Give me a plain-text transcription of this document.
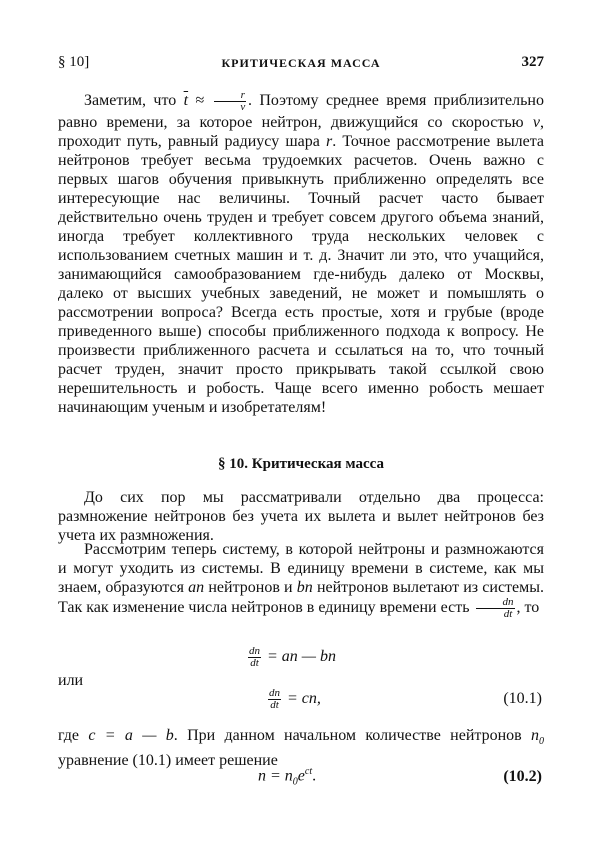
§ 10]	КРИТИЧЕСКАЯ МАССА	327

Заметим, что $\overline{t} \approx \frac{r}{v}$ . Поэтому среднее время приблизительно равно времени, за которое нейтрон, движущийся со скоростью v, проходит путь, равный радиусу шара r. Точное рассмотрение вылета нейтронов требует весьма трудоемких расчетов. Очень важно с первых шагов обучения привыкнуть приближенно определять все интересующие нас величины. Точный расчет часто бывает действительно очень труден и требует совсем другого объема знаний, иногда требует коллективного труда нескольких человек с использованием счетных машин и т. д. Значит ли это, что учащийся, занимающийся самообразованием где-нибудь далеко от Москвы, далеко от высших учебных заведений, не может и помышлять о рассмотрении вопроса? Всегда есть простые, хотя и грубые (вроде приведенного выше) способы приближенного подхода к вопросу. Не произвести приближенного расчета и ссылаться на то, что точный расчет труден, значит просто прикрывать такой ссылкой свою нерешительность и робость. Чаще всего именно робость мешает начинающим ученым и изобретателям!

§ 10. Критическая масса

До сих пор мы рассматривали отдельно два процесса: размножение нейтронов без учета их вылета и вылет нейтронов без учета их размножения.

Рассмотрим теперь систему, в которой нейтроны и размножаются и могут уходить из системы. В единицу времени в системе, как мы знаем, образуются an нейтронов и bn нейтронов вылетают из системы. Так как изменение числа нейтронов в единицу времени есть $\frac{dn}{dt}$ , то

$\frac{dn}{dt}$ = an — bn
или
$\frac{dn}{dt}$ = cn,	(10.1)

где c = a — b. При данном начальном количестве нейтронов $n_0$ уравнение (10.1) имеет решение

$n = n_0e^{ct}$.	(10.2)
